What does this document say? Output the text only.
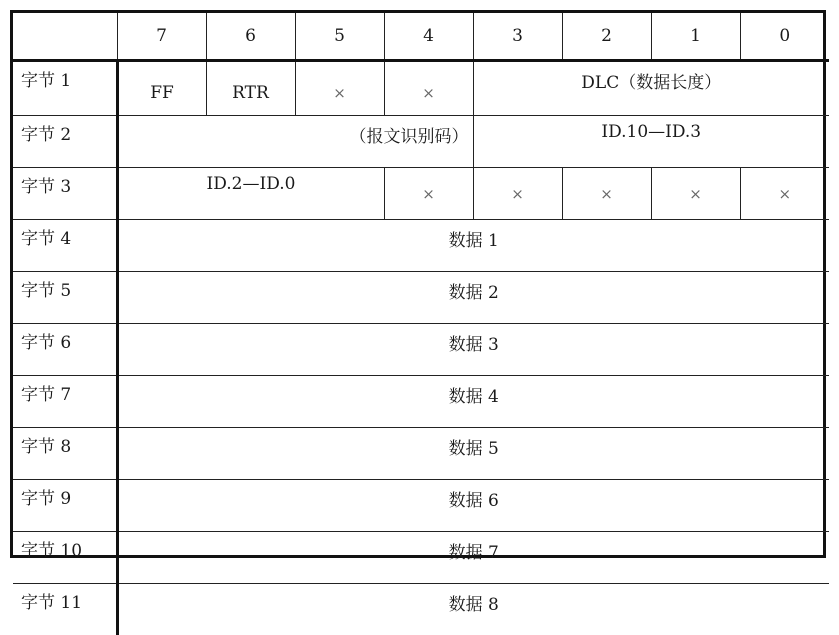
	7	6	5	4	3	2	1	0
字节 1	FF	RTR	×	×	DLC（数据长度）			
字节 2	（报文识别码）				ID.10—ID.3			
字节 3	ID.2—ID.0			×	×	×	×	×
字节 4	数据 1							
字节 5	数据 2							
字节 6	数据 3							
字节 7	数据 4							
字节 8	数据 5							
字节 9	数据 6							
字节 10	数据 7							
字节 11	数据 8							
